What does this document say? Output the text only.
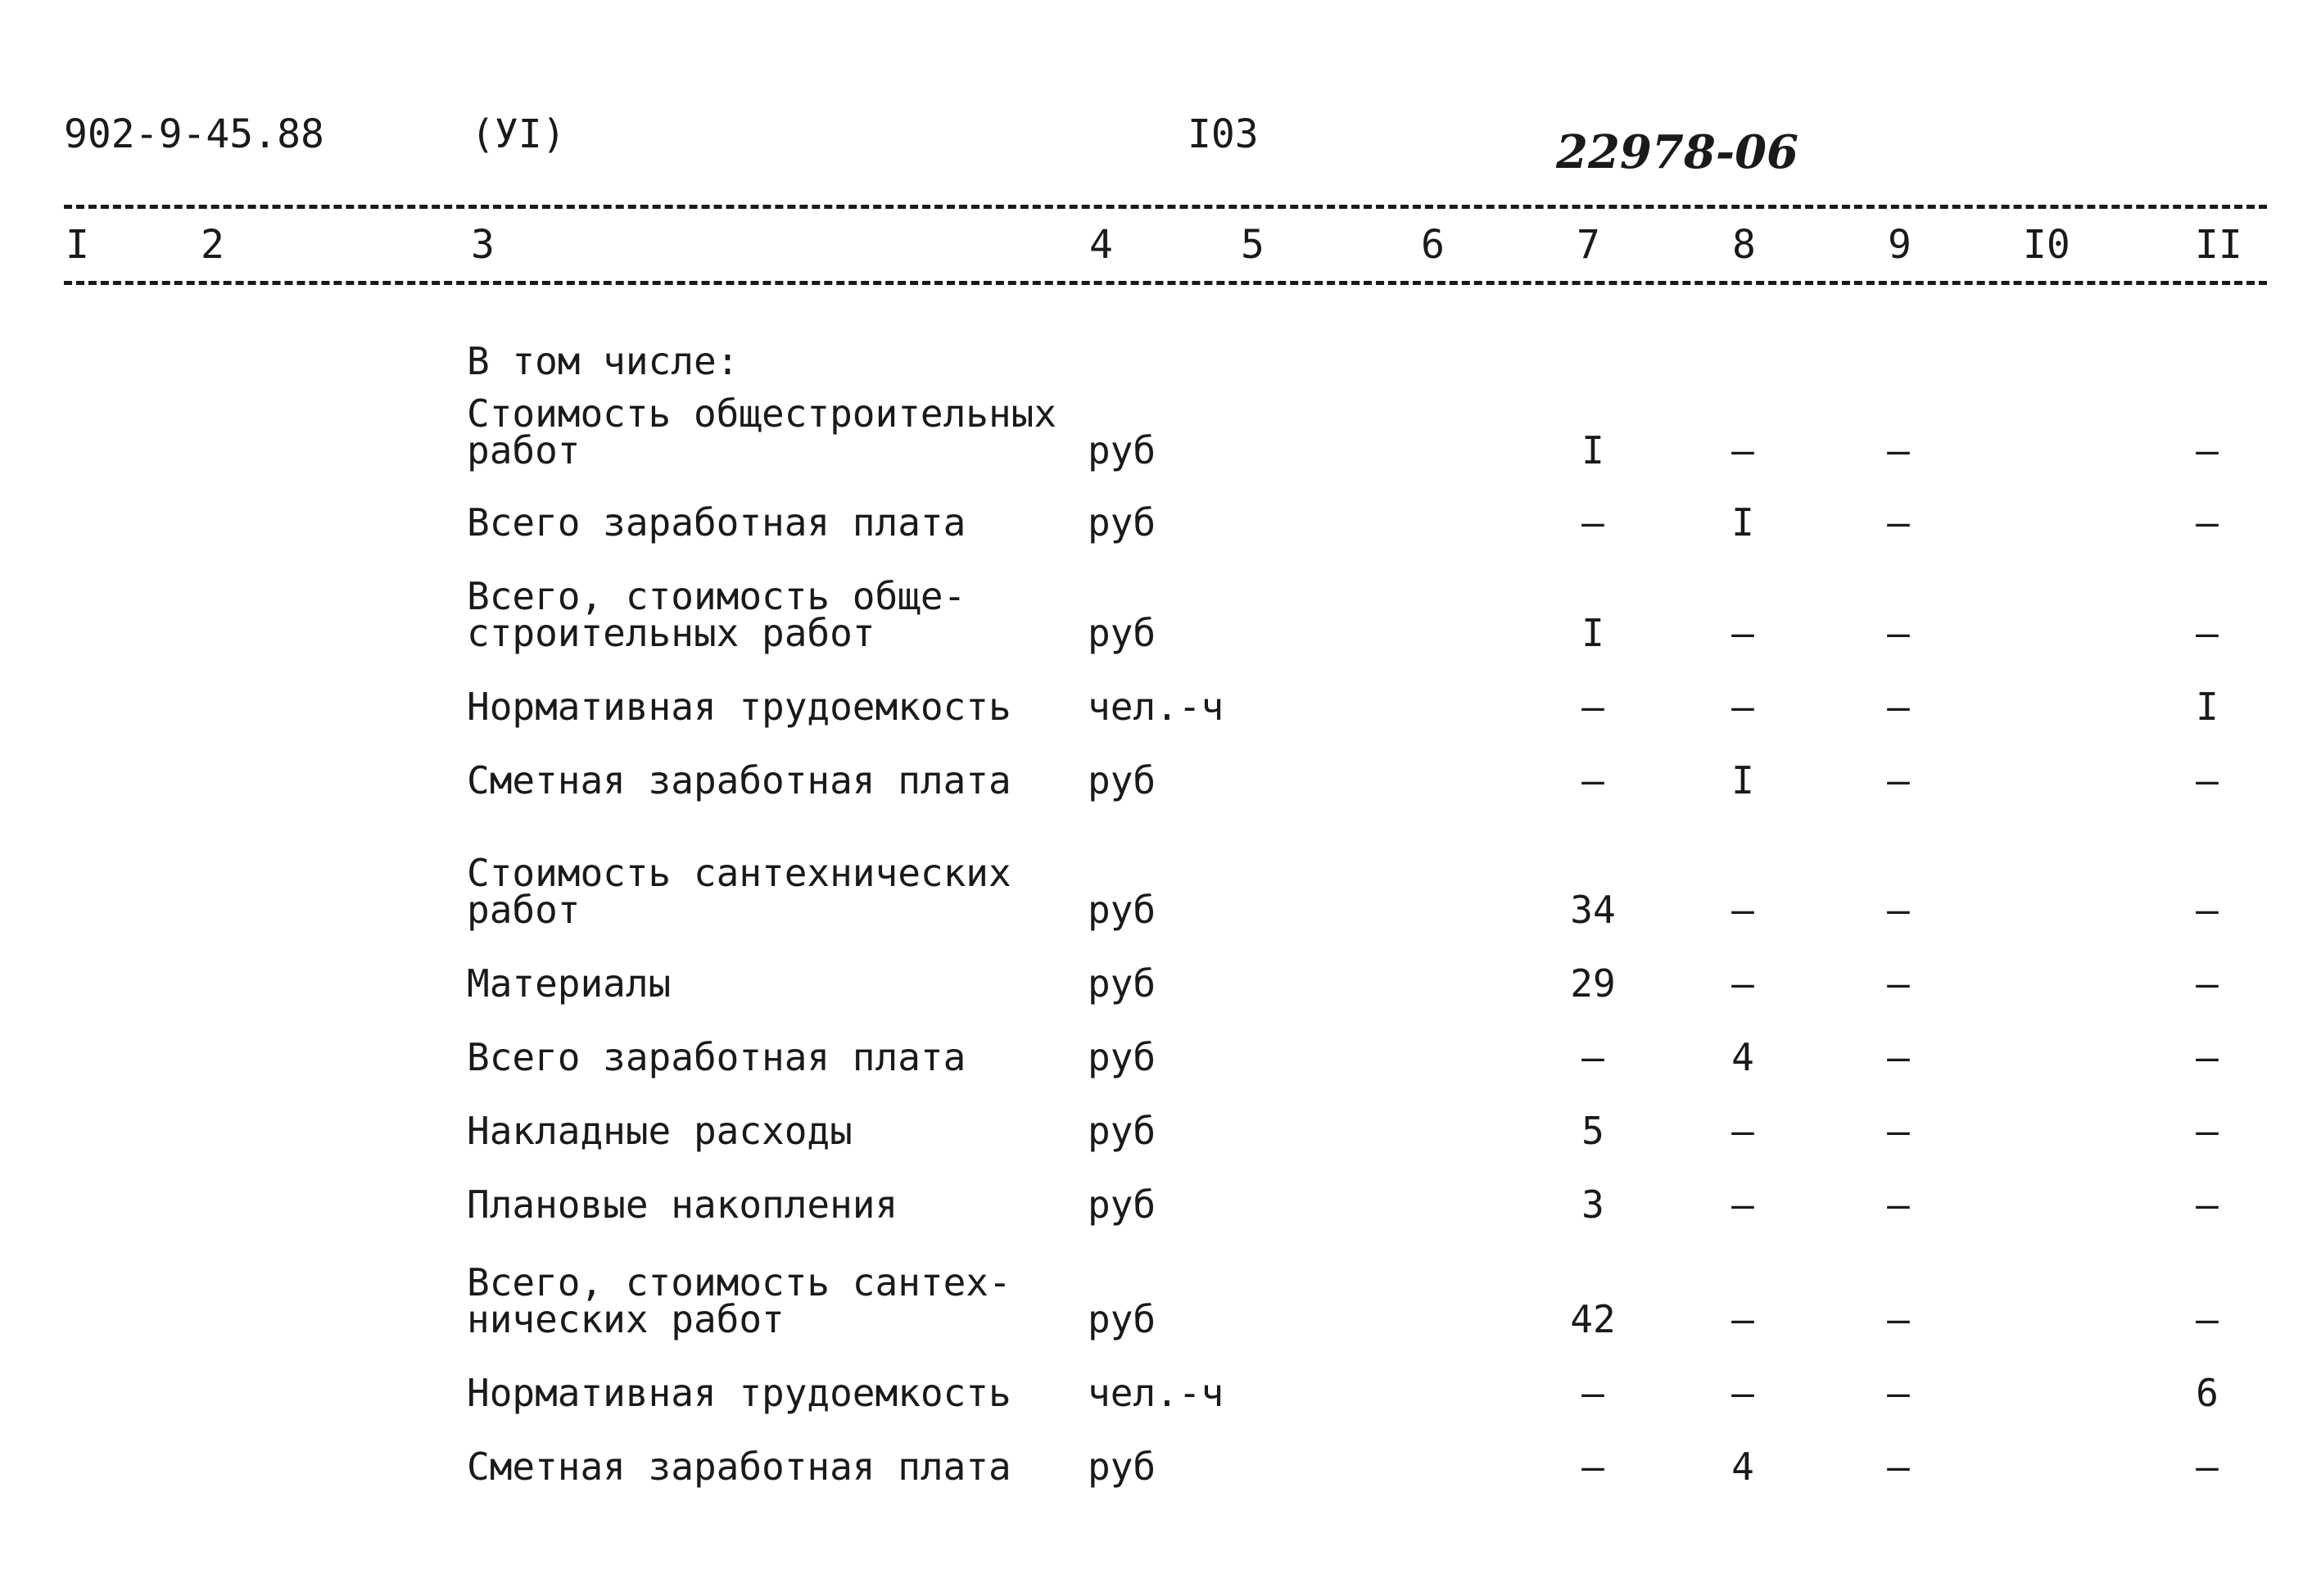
902-9-45.88	(УI)	I03	22978-06
I	2	3	4	5	6	7	8	9	I0	II
В том числе:
Стоимость общестроительных
работ	руб	I	–	–	–
Всего заработная плата	руб	–	I	–	–
Всего, стоимость обще-
строительных работ	руб	I	–	–	–
Нормативная трудоемкость чел.-ч	–	–	–	I
Сметная заработная плата руб	–	I	–	–
Стоимость сантехнических
работ	руб	34	–	–	–
Материалы	руб	29	–	–	–
Всего заработная плата	руб	–	4	–	–
Накладные расходы	руб	5	–	–	–
Плановые накопления	руб	3	–	–	–
Всего, стоимость сантех-
нических работ	руб	42	–	–	–
Нормативная трудоемкость чел.-ч	–	–	–	6
Сметная заработная плата руб	–	4	–	–
